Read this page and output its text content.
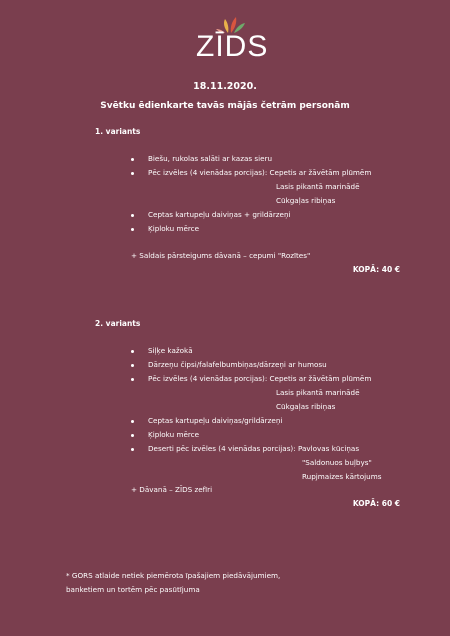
ZĪDS
18.11.2020.
Svētku ēdienkarte tavās mājās četrām personām
1. variants
Biešu, rukolas salāti ar kazas sieru
Pēc izvēles (4 vienādas porcijas): Cepetis ar žāvētām plūmēm
Lasis pikantā marinādē
Cūkgaļas ribiņas
Ceptas kartupeļu daiviņas + grildārzeņi
Ķiploku mērce
+ Saldais pārsteigums dāvanā – cepumi "Rozītes"
KOPĀ: 40 €
2. variants
Siļķe kažokā
Dārzeņu čipsi/falafelbumbiņas/dārzeņi ar humosu
Pēc izvēles (4 vienādas porcijas): Cepetis ar žāvētām plūmēm
Lasis pikantā marinādē
Cūkgaļas ribiņas
Ceptas kartupeļu daiviņas/grildārzeņi
Ķiploku mērce
Deserti pēc izvēles (4 vienādas porcijas): Pavlovas kūciņas
"Saldonuos buļbys"
Rupjmaizes kārtojums
+ Dāvanā – ZĪDS zefīri
KOPĀ: 60 €
* GORS atlaide netiek piemērota īpašajiem piedāvājumiem,
banketiem un tortēm pēc pasūtījuma
